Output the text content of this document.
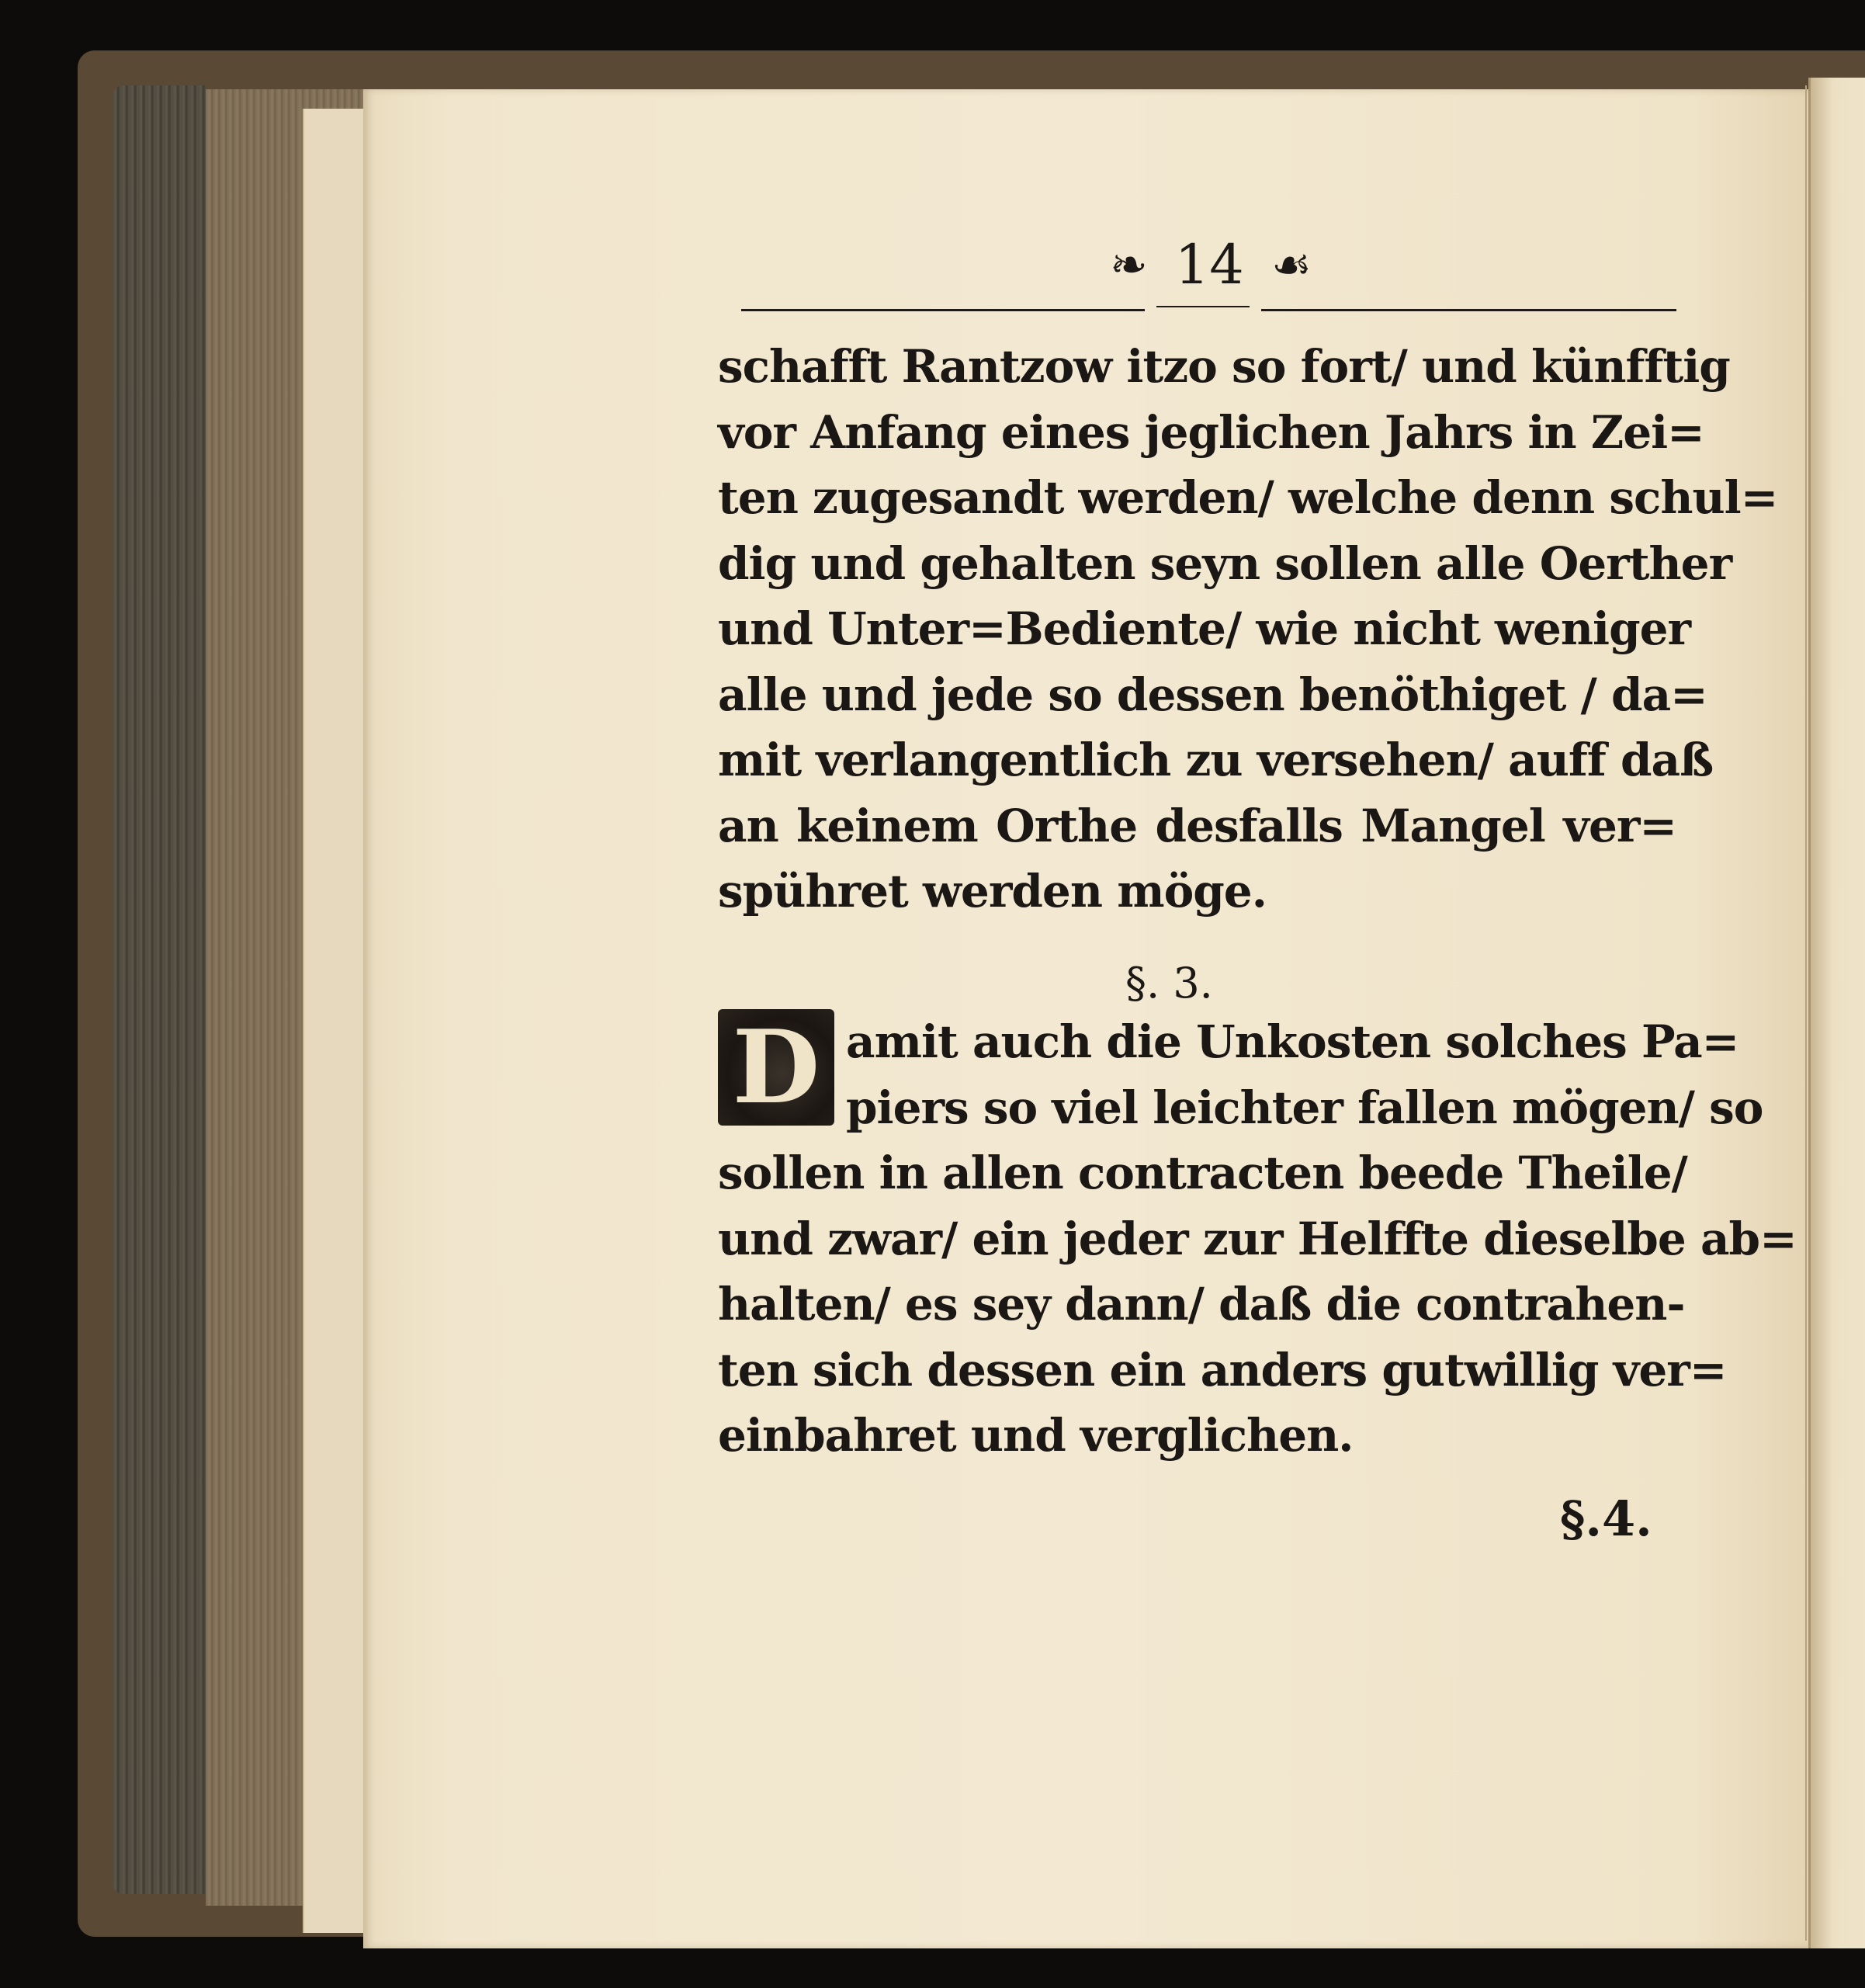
❧ 14 ☙
schafft Rantzow itzo so fort/ und künfftig
vor Anfang eines jeglichen Jahrs in Zei=
ten zugesandt werden/ welche denn schul=
dig und gehalten seyn sollen alle Oerther
und Unter=Bediente/ wie nicht weniger
alle und jede so dessen benöthiget / da=
mit verlangentlich zu versehen/ auff daß
an keinem Orthe desfalls Mangel ver=
spühret werden möge.
§. 3.
D amit auch die Unkosten solches Pa=
piers so viel leichter fallen mögen/ so
sollen in allen contracten beede Theile/
und zwar/ ein jeder zur Helffte dieselbe ab=
halten/ es sey dann/ daß die contrahen-
ten sich dessen ein anders gutwillig ver=
einbahret und verglichen.
§.4.
